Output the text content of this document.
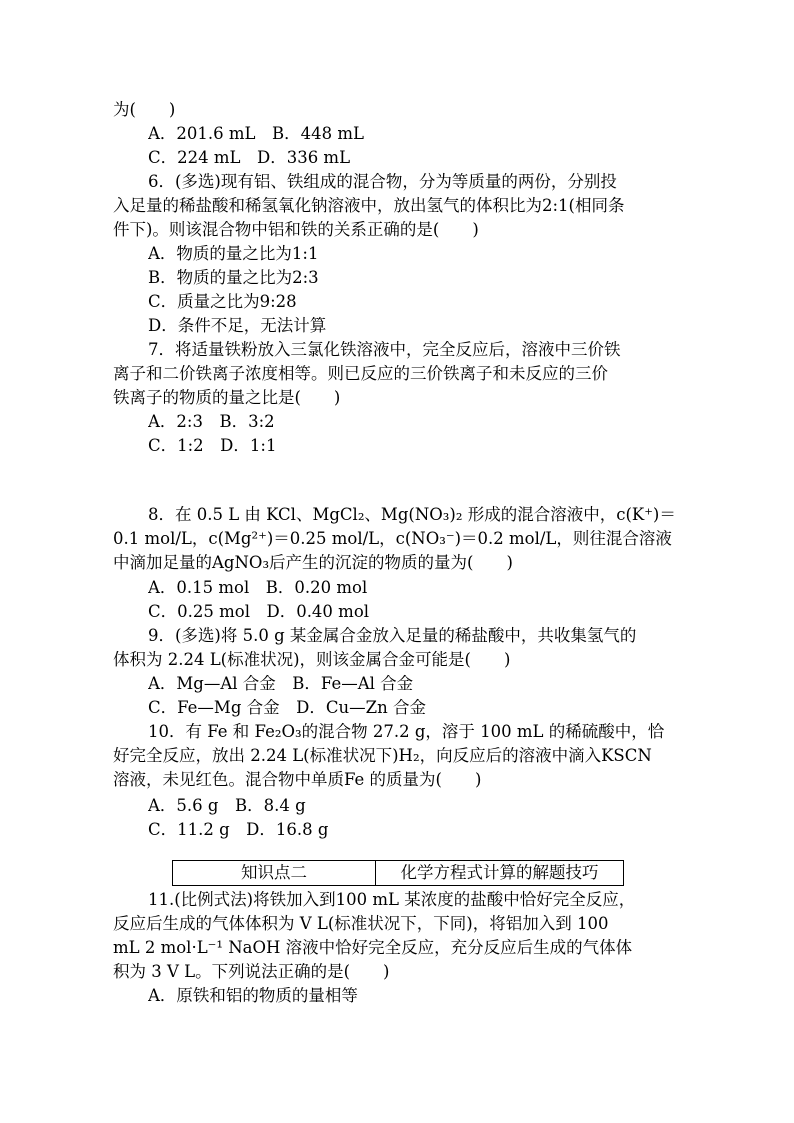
为(　　)
A．201.6 mL　B．448 mL
C．224 mL　D．336 mL
6．(多选)现有铝、铁组成的混合物，分为等质量的两份，分别投
入足量的稀盐酸和稀氢氧化钠溶液中，放出氢气的体积比为2:1(相同条
件下)。则该混合物中铝和铁的关系正确的是(　　)
A．物质的量之比为1:1
B．物质的量之比为2:3
C．质量之比为9:28
D．条件不足，无法计算
7．将适量铁粉放入三氯化铁溶液中，完全反应后，溶液中三价铁
离子和二价铁离子浓度相等。则已反应的三价铁离子和未反应的三价
铁离子的物质的量之比是(　　)
A．2:3　B．3:2
C．1:2　D．1:1
8．在 0.5 L 由 KCl、MgCl₂、Mg(NO₃)₂ 形成的混合溶液中，c(K⁺)＝
0.1 mol/L，c(Mg²⁺)＝0.25 mol/L，c(NO₃⁻)＝0.2 mol/L，则往混合溶液
中滴加足量的AgNO₃后产生的沉淀的物质的量为(　　)
A．0.15 mol　B．0.20 mol
C．0.25 mol　D．0.40 mol
9．(多选)将 5.0 g 某金属合金放入足量的稀盐酸中，共收集氢气的
体积为 2.24 L(标准状况)，则该金属合金可能是(　　)
A．Mg—Al 合金　B．Fe—Al 合金
C．Fe—Mg 合金　D．Cu—Zn 合金
10．有 Fe 和 Fe₂O₃的混合物 27.2 g，溶于 100 mL 的稀硫酸中，恰
好完全反应，放出 2.24 L(标准状况下)H₂，向反应后的溶液中滴入KSCN
溶液，未见红色。混合物中单质Fe 的质量为(　　)
A．5.6 g　B．8.4 g
C．11.2 g　D．16.8 g
知识点二	化学方程式计算的解题技巧
11.(比例式法)将铁加入到100 mL 某浓度的盐酸中恰好完全反应，
反应后生成的气体体积为 V L(标准状况下，下同)，将铝加入到 100
mL 2 mol·L⁻¹ NaOH 溶液中恰好完全反应，充分反应后生成的气体体
积为 3 V L。下列说法正确的是(　　)
A．原铁和铝的物质的量相等
